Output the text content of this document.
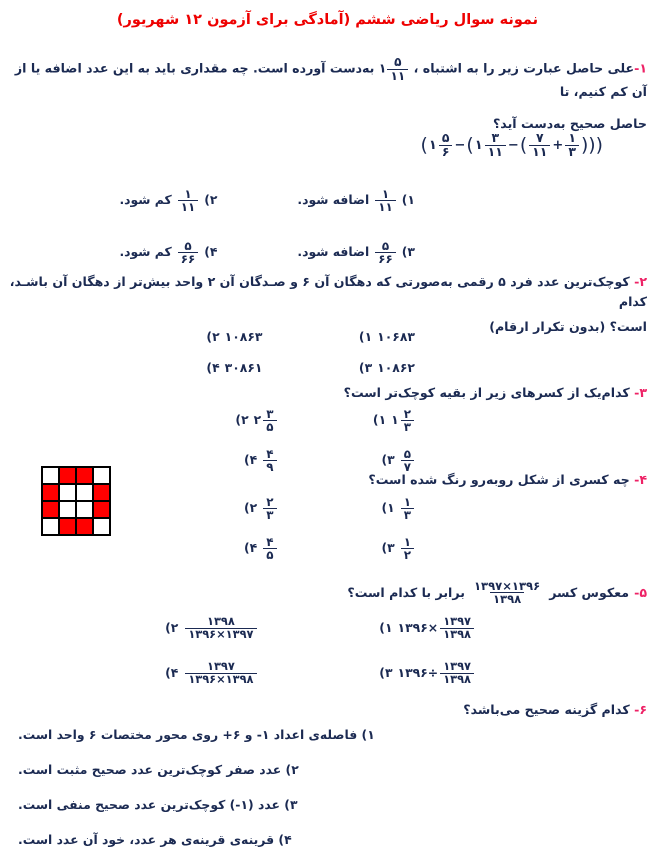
نمونه سوال ریاضی ششم (آمادگی برای آزمون ۱۲ شهریور)
۱-علی حاصل عبارت زیر را به اشتباه ،
$\frac{۵}{۱۱}$
۱ به‌دست آورده است. چه مقداری باید به این عدد اضافه یا از آن کم کنیم، تا
حاصل صحیح به‌دست آید؟
( ۱ $\frac{۵}{۶}$ − ( ۱ $\frac{۳}{۱۱}$ − ( $\frac{۷}{۱۱} + \frac{۱}{۳}$ )))
۱)
$\frac{۱}{۱۱}$
اضافه شود.
۲)
$\frac{۱}{۱۱}$
کم شود.
۳)
$\frac{۵}{۶۶}$
اضافه شود.
۴)
$\frac{۵}{۶۶}$
کم شود.
۲- کوچک‌ترین عدد فرد ۵ رقمی به‌صورتی که دهگان آن ۶ و صـدگان آن ۲ واحد بیش‌تر از دهگان آن باشـد، کدام
است؟ (بدون تکرار ارقام)
۱۰۶۸۳
۱)
۱۰۸۶۳
۲)
۱۰۸۶۲
۳)
۳۰۸۶۱
۴)
۳- کدام‌یک از کسرهای زیر از بقیه کوچک‌تر است؟
۱ $\frac{۲}{۳}$
۱)
۲ $\frac{۳}{۵}$
۲)
$\frac{۵}{۷}$
۳)
$\frac{۴}{۹}$
۴)
۴- چه کسری از شکل روبه‌رو رنگ شده است؟
$\frac{۱}{۳}$
۱)
$\frac{۲}{۳}$
۲)
$\frac{۱}{۲}$
۳)
$\frac{۴}{۵}$
۴)
۵-
معکوس کسر
$\frac{۱۳۹۶\times ۱۳۹۷}{۱۳۹۸}$
برابر با کدام است؟
۱۳۹۶× $\frac{۱۳۹۷}{۱۳۹۸}$
۱)
$\frac{۱۳۹۸}{۱۳۹۶\times ۱۳۹۷}$
۲)
۱۳۹۶÷ $\frac{۱۳۹۷}{۱۳۹۸}$
۳)
$\frac{۱۳۹۷}{۱۳۹۶\times ۱۳۹۸}$
۴)
۶- کدام گزینه صحیح می‌باشد؟
۱) فاصله‌ی اعداد ۱- و ۶+ روی محور مختصات ۶ واحد است.
۲) عدد صفر کوچک‌ترین عدد صحیح مثبت است.
۳) عدد (۱-) کوچک‌ترین عدد صحیح منفی است.
۴) قرینه‌ی قرینه‌ی هر عدد، خود آن عدد است.
